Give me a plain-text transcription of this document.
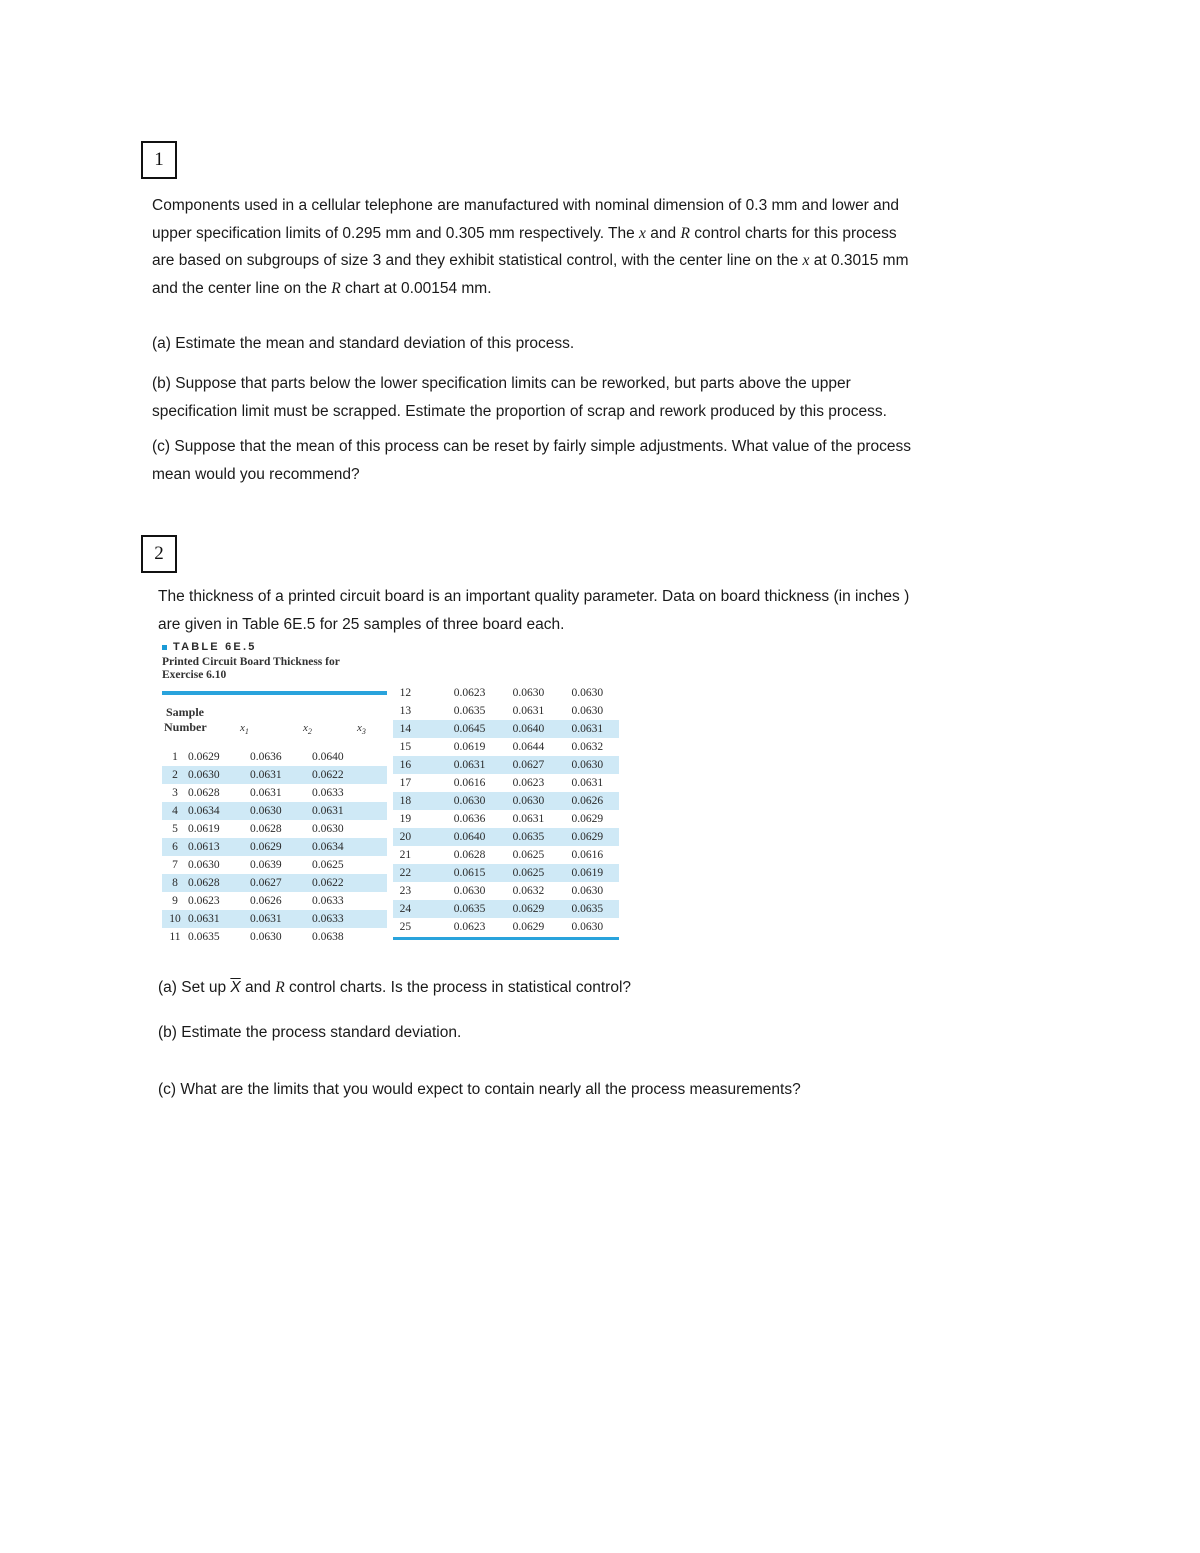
1

Components used in a cellular telephone are manufactured with nominal dimension of 0.3 mm and lower and

upper specification limits of 0.295 mm and 0.305 mm respectively. The x and R control charts for this process

are based on subgroups of size 3 and they exhibit statistical control, with the center line on the x at 0.3015 mm

and the center line on the R chart at 0.00154 mm.

(a) Estimate the mean and standard deviation of this process.

(b) Suppose that parts below the lower specification limits can be reworked, but parts above the upper

specification limit must be scrapped. Estimate the proportion of scrap and rework produced by this process.

(c) Suppose that the mean of this process can be reset by fairly simple adjustments. What value of the process

mean would you recommend?

2

The thickness of a printed circuit board is an important quality parameter. Data on board thickness (in inches )

are given in Table 6E.5 for 25 samples of three board each.

TABLE 6E.5
Printed Circuit Board Thickness for
Exercise 6.10
Sample
Number	$x_1$	$x_2$	$x_3$
1 0.0629	0.0636	0.0640
2 0.0630	0.0631	0.0622
3 0.0628	0.0631	0.0633
4 0.0634	0.0630	0.0631
5 0.0619	0.0628	0.0630
6 0.0613	0.0629	0.0634
7 0.0630	0.0639	0.0625
8 0.0628	0.0627	0.0622
9 0.0623	0.0626	0.0633
10 0.0631	0.0631	0.0633
11 0.0635	0.0630	0.0638
12	0.0623	0.0630	0.0630
13	0.0635	0.0631	0.0630
14	0.0645	0.0640	0.0631
15	0.0619	0.0644	0.0632
16	0.0631	0.0627	0.0630
17	0.0616	0.0623	0.0631
18	0.0630	0.0630	0.0626
19	0.0636	0.0631	0.0629
20	0.0640	0.0635	0.0629
21	0.0628	0.0625	0.0616
22	0.0615	0.0625	0.0619
23	0.0630	0.0632	0.0630
24	0.0635	0.0629	0.0635
25	0.0623	0.0629	0.0630

(a) Set up $\overline{X}$ and R control charts. Is the process in statistical control?

(b) Estimate the process standard deviation.

(c) What are the limits that you would expect to contain nearly all the process measurements?
